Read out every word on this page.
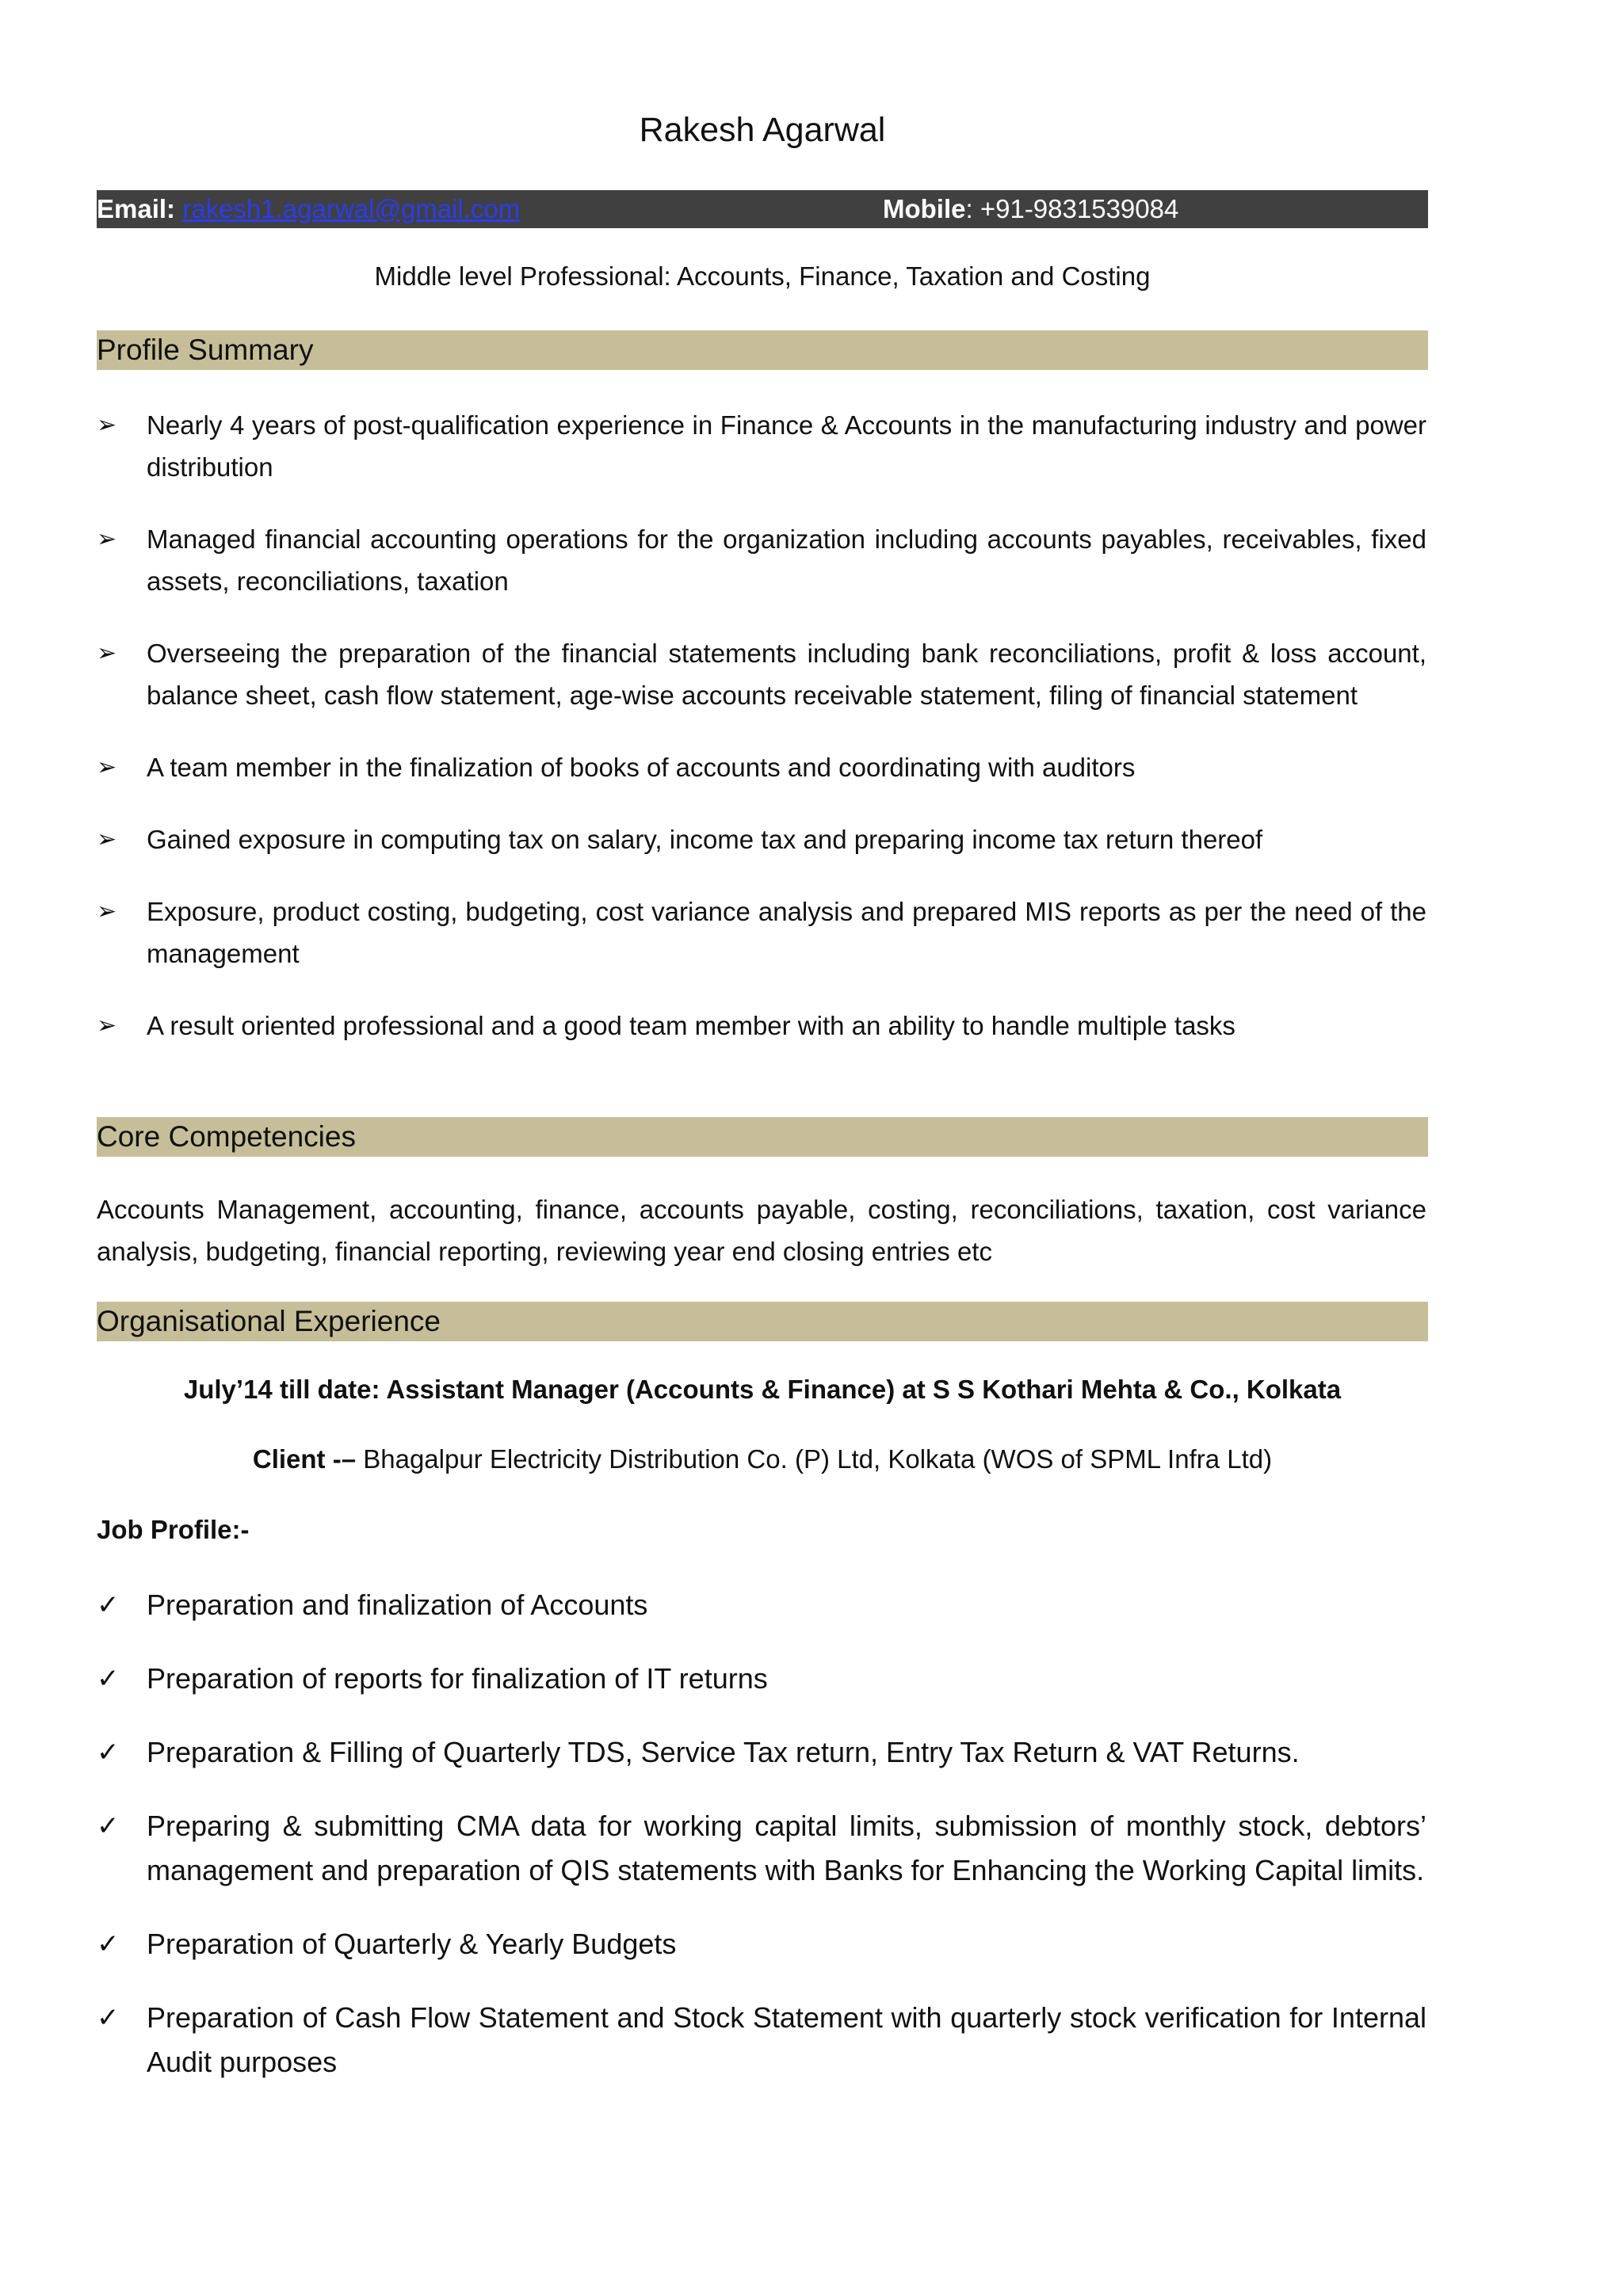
Rakesh Agarwal
Email: rakesh1.agarwal@gmail.com	Mobile: +91-9831539084
Middle level Professional: Accounts, Finance, Taxation and Costing
Profile Summary
➢ Nearly 4 years of post-qualification experience in Finance & Accounts in the manufacturing industry and power distribution
➢ Managed financial accounting operations for the organization including accounts payables, receivables, fixed assets, reconciliations, taxation
➢ Overseeing the preparation of the financial statements including bank reconciliations, profit & loss account, balance sheet, cash flow statement, age-wise accounts receivable statement, filing of financial statement
➢ A team member in the finalization of books of accounts and coordinating with auditors
➢ Gained exposure in computing tax on salary, income tax and preparing income tax return thereof
➢ Exposure, product costing, budgeting, cost variance analysis and prepared MIS reports as per the need of the management
➢ A result oriented professional and a good team member with an ability to handle multiple tasks
Core Competencies
Accounts Management, accounting, finance, accounts payable, costing, reconciliations, taxation, cost variance analysis, budgeting, financial reporting, reviewing year end closing entries etc
Organisational Experience
July’14 till date: Assistant Manager (Accounts & Finance) at S S Kothari Mehta & Co., Kolkata
Client -– Bhagalpur Electricity Distribution Co. (P) Ltd, Kolkata (WOS of SPML Infra Ltd)
Job Profile:-
✓ Preparation and finalization of Accounts
✓ Preparation of reports for finalization of IT returns
✓ Preparation & Filling of Quarterly TDS, Service Tax return, Entry Tax Return & VAT Returns.
✓ Preparing & submitting CMA data for working capital limits, submission of monthly stock, debtors’ management and preparation of QIS statements with Banks for Enhancing the Working Capital limits.
✓ Preparation of Quarterly & Yearly Budgets
✓ Preparation of Cash Flow Statement and Stock Statement with quarterly stock verification for Internal Audit purposes
